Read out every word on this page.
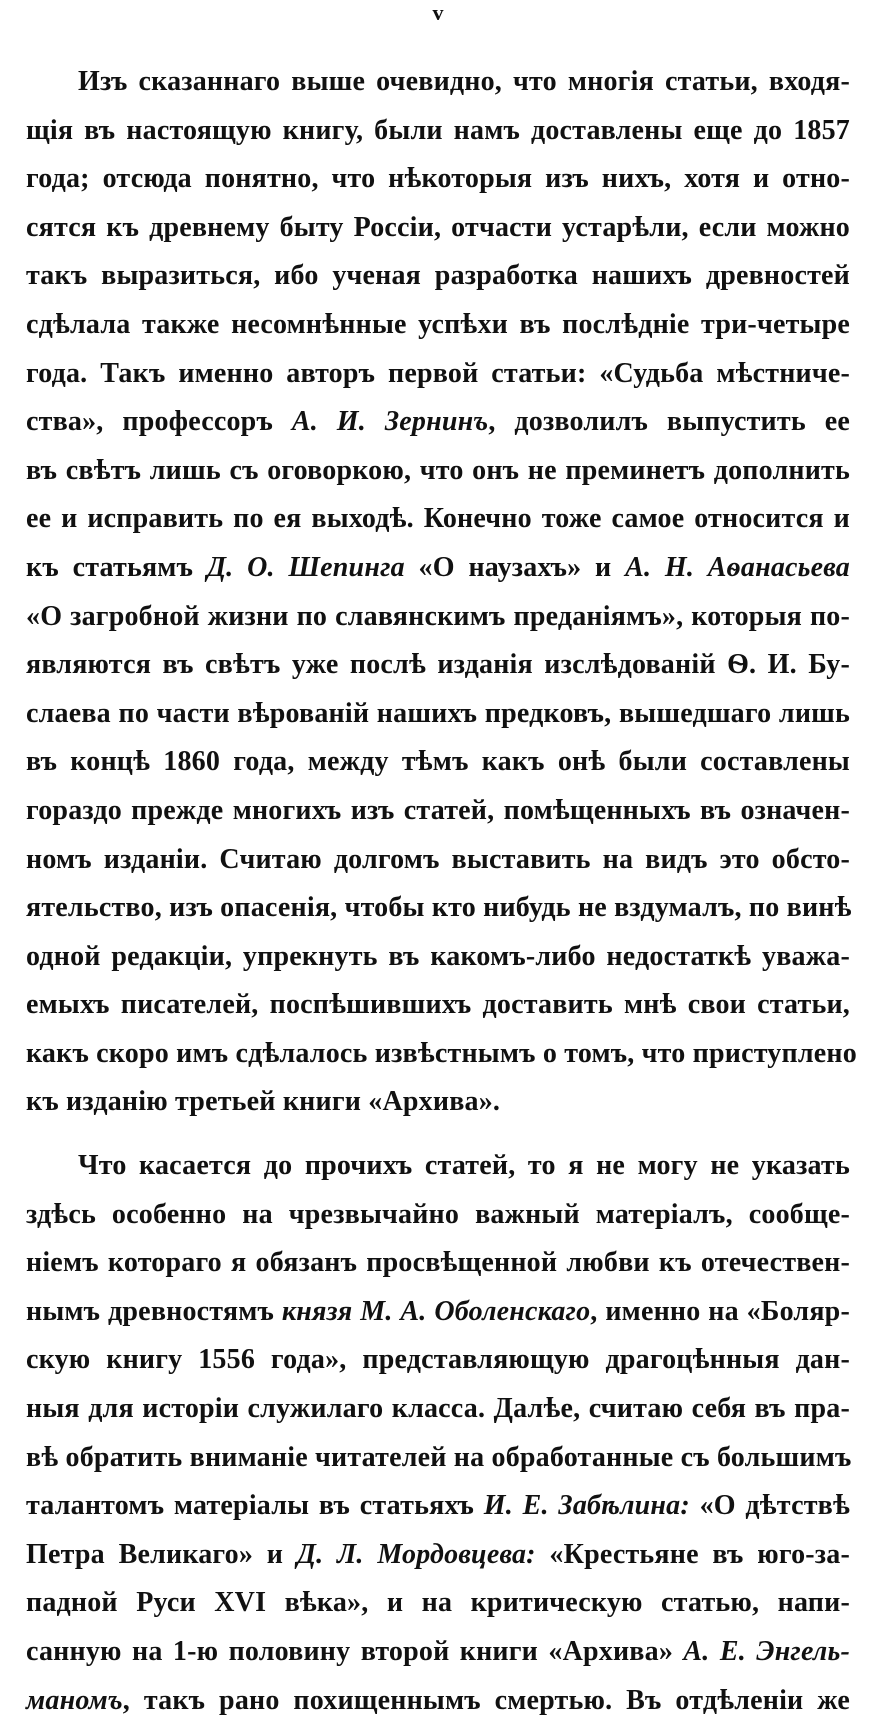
v
Изъ сказаннаго выше очевидно, что многія статьи, входя-
щія въ настоящую книгу, были намъ доставлены еще до 1857
года; отсюда понятно, что нѣкоторыя изъ нихъ, хотя и отно-
сятся къ древнему быту Россіи, отчасти устарѣли, если можно
такъ выразиться, ибо ученая разработка нашихъ древностей
сдѣлала также несомнѣнные успѣхи въ послѣдніе три-четыре
года. Такъ именно авторъ первой статьи: «Судьба мѣстниче-
ства», профессоръ А. И. Зернинъ, дозволилъ выпустить ее
въ свѣтъ лишь съ оговоркою, что онъ не преминетъ дополнить
ее и исправить по ея выходѣ. Конечно тоже самое относится и
къ статьямъ Д. О. Шепинга «О наузахъ» и А. Н. Аѳанасьева
«О загробной жизни по славянскимъ преданіямъ», которыя по-
являются въ свѣтъ уже послѣ изданія изслѣдованій Ѳ. И. Бу-
слаева по части вѣрованій нашихъ предковъ, вышедшаго лишь
въ концѣ 1860 года, между тѣмъ какъ онѣ были составлены
гораздо прежде многихъ изъ статей, помѣщенныхъ въ означен-
номъ изданіи. Считаю долгомъ выставить на видъ это обсто-
ятельство, изъ опасенія, чтобы кто нибудь не вздумалъ, по винѣ
одной редакціи, упрекнуть въ какомъ-либо недостаткѣ уважа-
емыхъ писателей, поспѣшившихъ доставить мнѣ свои статьи,
какъ скоро имъ сдѣлалось извѣстнымъ о томъ, что приступлено
къ изданію третьей книги «Архива».
Что касается до прочихъ статей, то я не могу не указать
здѣсь особенно на чрезвычайно важный матеріалъ, сообще-
ніемъ котораго я обязанъ просвѣщенной любви къ отечествен-
нымъ древностямъ князя М. А. Оболенскаго, именно на «Боляр-
скую книгу 1556 года», представляющую драгоцѣнныя дан-
ныя для исторіи служилаго класса. Далѣе, считаю себя въ пра-
вѣ обратить вниманіе читателей на обработанные съ большимъ
талантомъ матеріалы въ статьяхъ И. Е. Забѣлина: «О дѣтствѣ
Петра Великаго» и Д. Л. Мордовцева: «Крестьяне въ юго-за-
падной Руси XVI вѣка», и на критическую статью, напи-
санную на 1-ю половину второй книги «Архива» А. Е. Энгель-
маномъ, такъ рано похищеннымъ смертью. Въ отдѣленіи же
